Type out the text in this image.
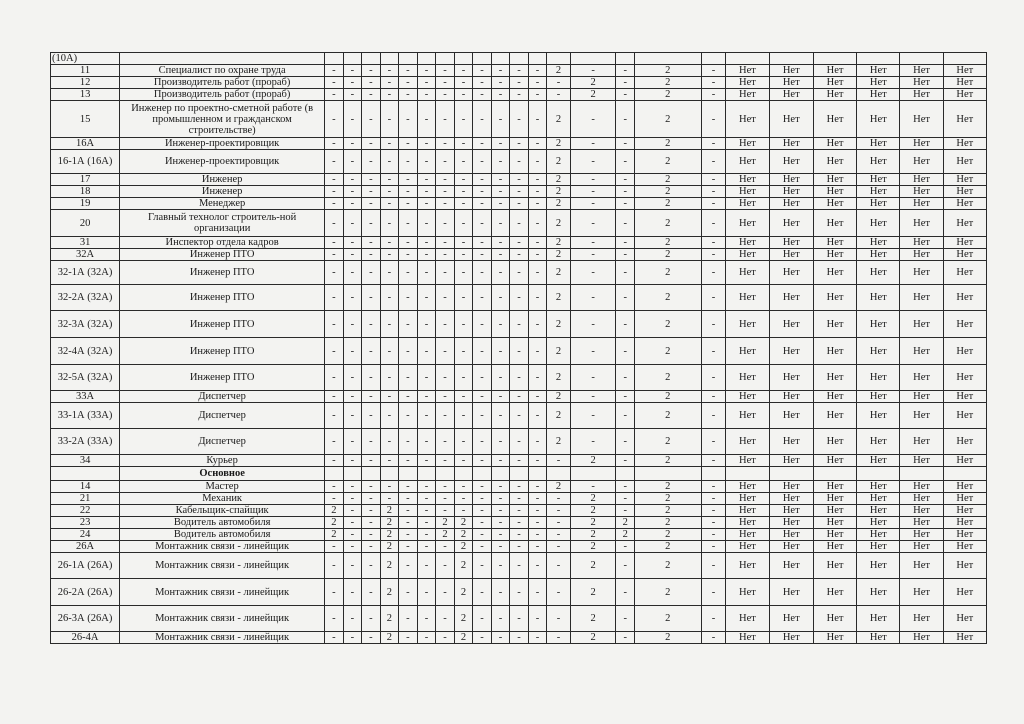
(10А)																								
11	Специалист по охране труда	-	-	-	-	-	-	-	-	-	-	-	-	2	-	-	2	-	Нет	Нет	Нет	Нет	Нет	Нет
12	Производитель работ (прораб)	-	-	-	-	-	-	-	-	-	-	-	-	-	2	-	2	-	Нет	Нет	Нет	Нет	Нет	Нет
13	Производитель работ (прораб)	-	-	-	-	-	-	-	-	-	-	-	-	-	2	-	2	-	Нет	Нет	Нет	Нет	Нет	Нет
15	Инженер по проектно-сметной работе (в промышленном и гражданском строительстве)	-	-	-	-	-	-	-	-	-	-	-	-	2	-	-	2	-	Нет	Нет	Нет	Нет	Нет	Нет
16А	Инженер-проектировщик	-	-	-	-	-	-	-	-	-	-	-	-	2	-	-	2	-	Нет	Нет	Нет	Нет	Нет	Нет
16-1А (16А)	Инженер-проектировщик	-	-	-	-	-	-	-	-	-	-	-	-	2	-	-	2	-	Нет	Нет	Нет	Нет	Нет	Нет
17	Инженер	-	-	-	-	-	-	-	-	-	-	-	-	2	-	-	2	-	Нет	Нет	Нет	Нет	Нет	Нет
18	Инженер	-	-	-	-	-	-	-	-	-	-	-	-	2	-	-	2	-	Нет	Нет	Нет	Нет	Нет	Нет
19	Менеджер	-	-	-	-	-	-	-	-	-	-	-	-	2	-	-	2	-	Нет	Нет	Нет	Нет	Нет	Нет
20	Главный технолог строитель-ной организации	-	-	-	-	-	-	-	-	-	-	-	-	2	-	-	2	-	Нет	Нет	Нет	Нет	Нет	Нет
31	Инспектор отдела кадров	-	-	-	-	-	-	-	-	-	-	-	-	2	-	-	2	-	Нет	Нет	Нет	Нет	Нет	Нет
32А	Инженер ПТО	-	-	-	-	-	-	-	-	-	-	-	-	2	-	-	2	-	Нет	Нет	Нет	Нет	Нет	Нет
32-1А (32А)	Инженер ПТО	-	-	-	-	-	-	-	-	-	-	-	-	2	-	-	2	-	Нет	Нет	Нет	Нет	Нет	Нет
32-2А (32А)	Инженер ПТО	-	-	-	-	-	-	-	-	-	-	-	-	2	-	-	2	-	Нет	Нет	Нет	Нет	Нет	Нет
32-3А (32А)	Инженер ПТО	-	-	-	-	-	-	-	-	-	-	-	-	2	-	-	2	-	Нет	Нет	Нет	Нет	Нет	Нет
32-4А (32А)	Инженер ПТО	-	-	-	-	-	-	-	-	-	-	-	-	2	-	-	2	-	Нет	Нет	Нет	Нет	Нет	Нет
32-5А (32А)	Инженер ПТО	-	-	-	-	-	-	-	-	-	-	-	-	2	-	-	2	-	Нет	Нет	Нет	Нет	Нет	Нет
33А	Диспетчер	-	-	-	-	-	-	-	-	-	-	-	-	2	-	-	2	-	Нет	Нет	Нет	Нет	Нет	Нет
33-1А (33А)	Диспетчер	-	-	-	-	-	-	-	-	-	-	-	-	2	-	-	2	-	Нет	Нет	Нет	Нет	Нет	Нет
33-2А (33А)	Диспетчер	-	-	-	-	-	-	-	-	-	-	-	-	2	-	-	2	-	Нет	Нет	Нет	Нет	Нет	Нет
34	Курьер	-	-	-	-	-	-	-	-	-	-	-	-	-	2	-	2	-	Нет	Нет	Нет	Нет	Нет	Нет
	Основное																							
14	Мастер	-	-	-	-	-	-	-	-	-	-	-	-	2	-	-	2	-	Нет	Нет	Нет	Нет	Нет	Нет
21	Механик	-	-	-	-	-	-	-	-	-	-	-	-	-	2	-	2	-	Нет	Нет	Нет	Нет	Нет	Нет
22	Кабельщик-спайщик	2	-	-	2	-	-	-	-	-	-	-	-	-	2	-	2	-	Нет	Нет	Нет	Нет	Нет	Нет
23	Водитель автомобиля	2	-	-	2	-	-	2	2	-	-	-	-	-	2	2	2	-	Нет	Нет	Нет	Нет	Нет	Нет
24	Водитель автомобиля	2	-	-	2	-	-	2	2	-	-	-	-	-	2	2	2	-	Нет	Нет	Нет	Нет	Нет	Нет
26А	Монтажник связи - линейщик	-	-	-	2	-	-	-	2	-	-	-	-	-	2	-	2	-	Нет	Нет	Нет	Нет	Нет	Нет
26-1А (26А)	Монтажник связи - линейщик	-	-	-	2	-	-	-	2	-	-	-	-	-	2	-	2	-	Нет	Нет	Нет	Нет	Нет	Нет
26-2А (26А)	Монтажник связи - линейщик	-	-	-	2	-	-	-	2	-	-	-	-	-	2	-	2	-	Нет	Нет	Нет	Нет	Нет	Нет
26-3А (26А)	Монтажник связи - линейщик	-	-	-	2	-	-	-	2	-	-	-	-	-	2	-	2	-	Нет	Нет	Нет	Нет	Нет	Нет
26-4А	Монтажник связи - линейщик	-	-	-	2	-	-	-	2	-	-	-	-	-	2	-	2	-	Нет	Нет	Нет	Нет	Нет	Нет
